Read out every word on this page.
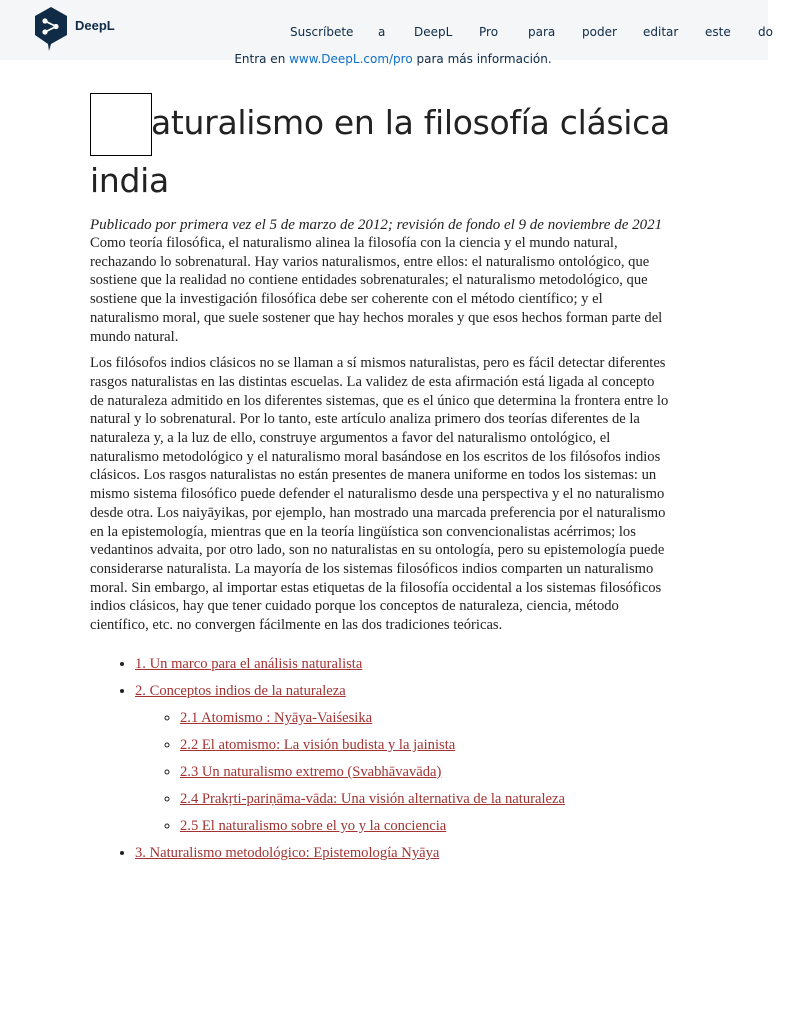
DeepL	Suscríbete a DeepL Pro para poder editar este do
Entra en www.DeepL.com/pro para más información.
aturalismo en la filosofía clásica india
Publicado por primera vez el 5 de marzo de 2012; revisión de fondo el 9 de noviembre de 2021

Como teoría filosófica, el naturalismo alinea la filosofía con la ciencia y el mundo natural, rechazando lo sobrenatural. Hay varios naturalismos, entre ellos: el naturalismo ontológico, que sostiene que la realidad no contiene entidades sobrenaturales; el naturalismo metodológico, que sostiene que la investigación filosófica debe ser coherente con el método científico; y el naturalismo moral, que suele sostener que hay hechos morales y que esos hechos forman parte del mundo natural.

Los filósofos indios clásicos no se llaman a sí mismos naturalistas, pero es fácil detectar diferentes rasgos naturalistas en las distintas escuelas. La validez de esta afirmación está ligada al concepto de naturaleza admitido en los diferentes sistemas, que es el único que determina la frontera entre lo natural y lo sobrenatural. Por lo tanto, este artículo analiza primero dos teorías diferentes de la naturaleza y, a la luz de ello, construye argumentos a favor del naturalismo ontológico, el naturalismo metodológico y el naturalismo moral basándose en los escritos de los filósofos indios clásicos. Los rasgos naturalistas no están presentes de manera uniforme en todos los sistemas: un mismo sistema filosófico puede defender el naturalismo desde una perspectiva y el no naturalismo desde otra. Los naiyāyikas, por ejemplo, han mostrado una marcada preferencia por el naturalismo en la epistemología, mientras que en la teoría lingüística son convencionalistas acérrimos; los vedantinos advaita, por otro lado, son no naturalistas en su ontología, pero su epistemología puede considerarse naturalista. La mayoría de los sistemas filosóficos indios comparten un naturalismo moral. Sin embargo, al importar estas etiquetas de la filosofía occidental a los sistemas filosóficos indios clásicos, hay que tener cuidado porque los conceptos de naturaleza, ciencia, método científico, etc. no convergen fácilmente en las dos tradiciones teóricas.

• 1. Un marco para el análisis naturalista
• 2. Conceptos indios de la naturaleza
◦ 2.1 Atomismo : Nyāya-Vaiśesika
◦ 2.2 El atomismo: La visión budista y la jainista
◦ 2.3 Un naturalismo extremo (Svabhāvavāda)
◦ 2.4 Prakṛti-pariṇāma-vāda: Una visión alternativa de la naturaleza
◦ 2.5 El naturalismo sobre el yo y la conciencia
• 3. Naturalismo metodológico: Epistemología Nyāya
